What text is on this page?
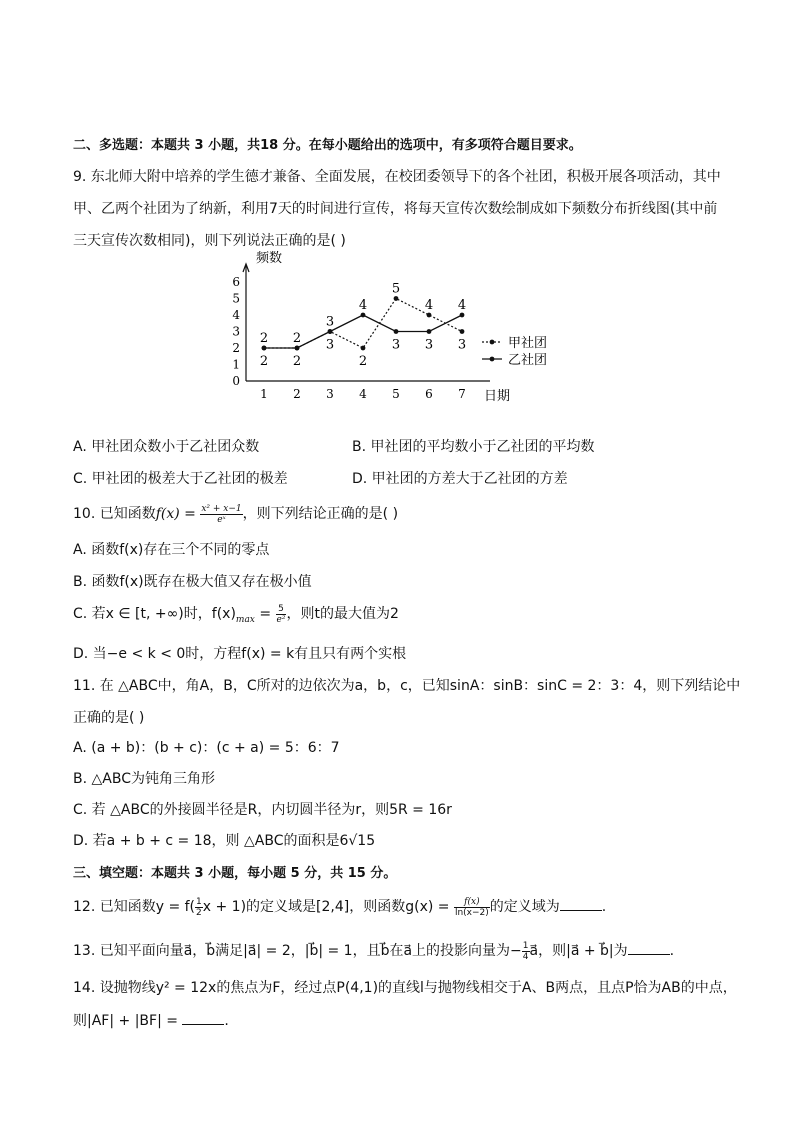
二、多选题：本题共 3 小题，共18 分。在每小题给出的选项中，有多项符合题目要求。
9. 东北师大附中培养的学生德才兼备、全面发展，在校团委领导下的各个社团，积极开展各项活动，其中
甲、乙两个社团为了纳新，利用7天的时间进行宣传，将每天宣传次数绘制成如下频数分布折线图(其中前
三天宣传次数相同)，则下列说法正确的是( )
0
1
2
3
4
5
6
1 2 3 4 5 6 7
频数
日期
2
2
2
2
3
3
4
2
5
3
4
3
4
3	甲社团
乙社团
A. 甲社团众数小于乙社团众数	B. 甲社团的平均数小于乙社团的平均数
C. 甲社团的极差大于乙社团的极差	D. 甲社团的方差大于乙社团的方差
10. 已知函数$f(x) = \frac{\text{x² + x−1}}{\text{eˣ}}$ ，则下列结论正确的是( )
A. 函数f(x)存在三个不同的零点
B. 函数f(x)既存在极大值又存在极小值
C. 若x ∈ [t, +∞)时，$f(x)_{max} = \frac{5}{\text{e²}}$ ，则t的最大值为2
D. 当−e < k < 0时，方程f(x) = k有且只有两个实根
11. 在 △ABC中，角A，B，C所对的边依次为a，b，c，已知sinA：sinB：sinC = 2：3：4，则下列结论中
正确的是( )
A. (a + b)：(b + c)：(c + a) = 5：6：7
B. △ABC为钝角三角形
C. 若 △ABC的外接圆半径是R，内切圆半径为r，则5R = 16r
D. 若a + b + c = 18，则 △ABC的面积是6√15
三、填空题：本题共 3 小题，每小题 5 分，共 15 分。
12. 已知函数$y = f( \frac{1}{2}$ x + 1)的定义域是[2,4]，则函数$g(x) = \frac{f(x)}{\ln(x-2)}$ 的定义域为	.
13. 已知平面向量a⃗，b⃗满足|a⃗| = 2，|b⃗| = 1，且b⃗在a⃗上的投影向量为− $\frac{1}{4}$ a⃗，则|a⃗ + b⃗|为	.
14. 设抛物线y² = 12x的焦点为F，经过点P(4,1)的直线l与抛物线相交于A、B两点，且点P恰为AB的中点，
则|AF| + |BF| =	.
